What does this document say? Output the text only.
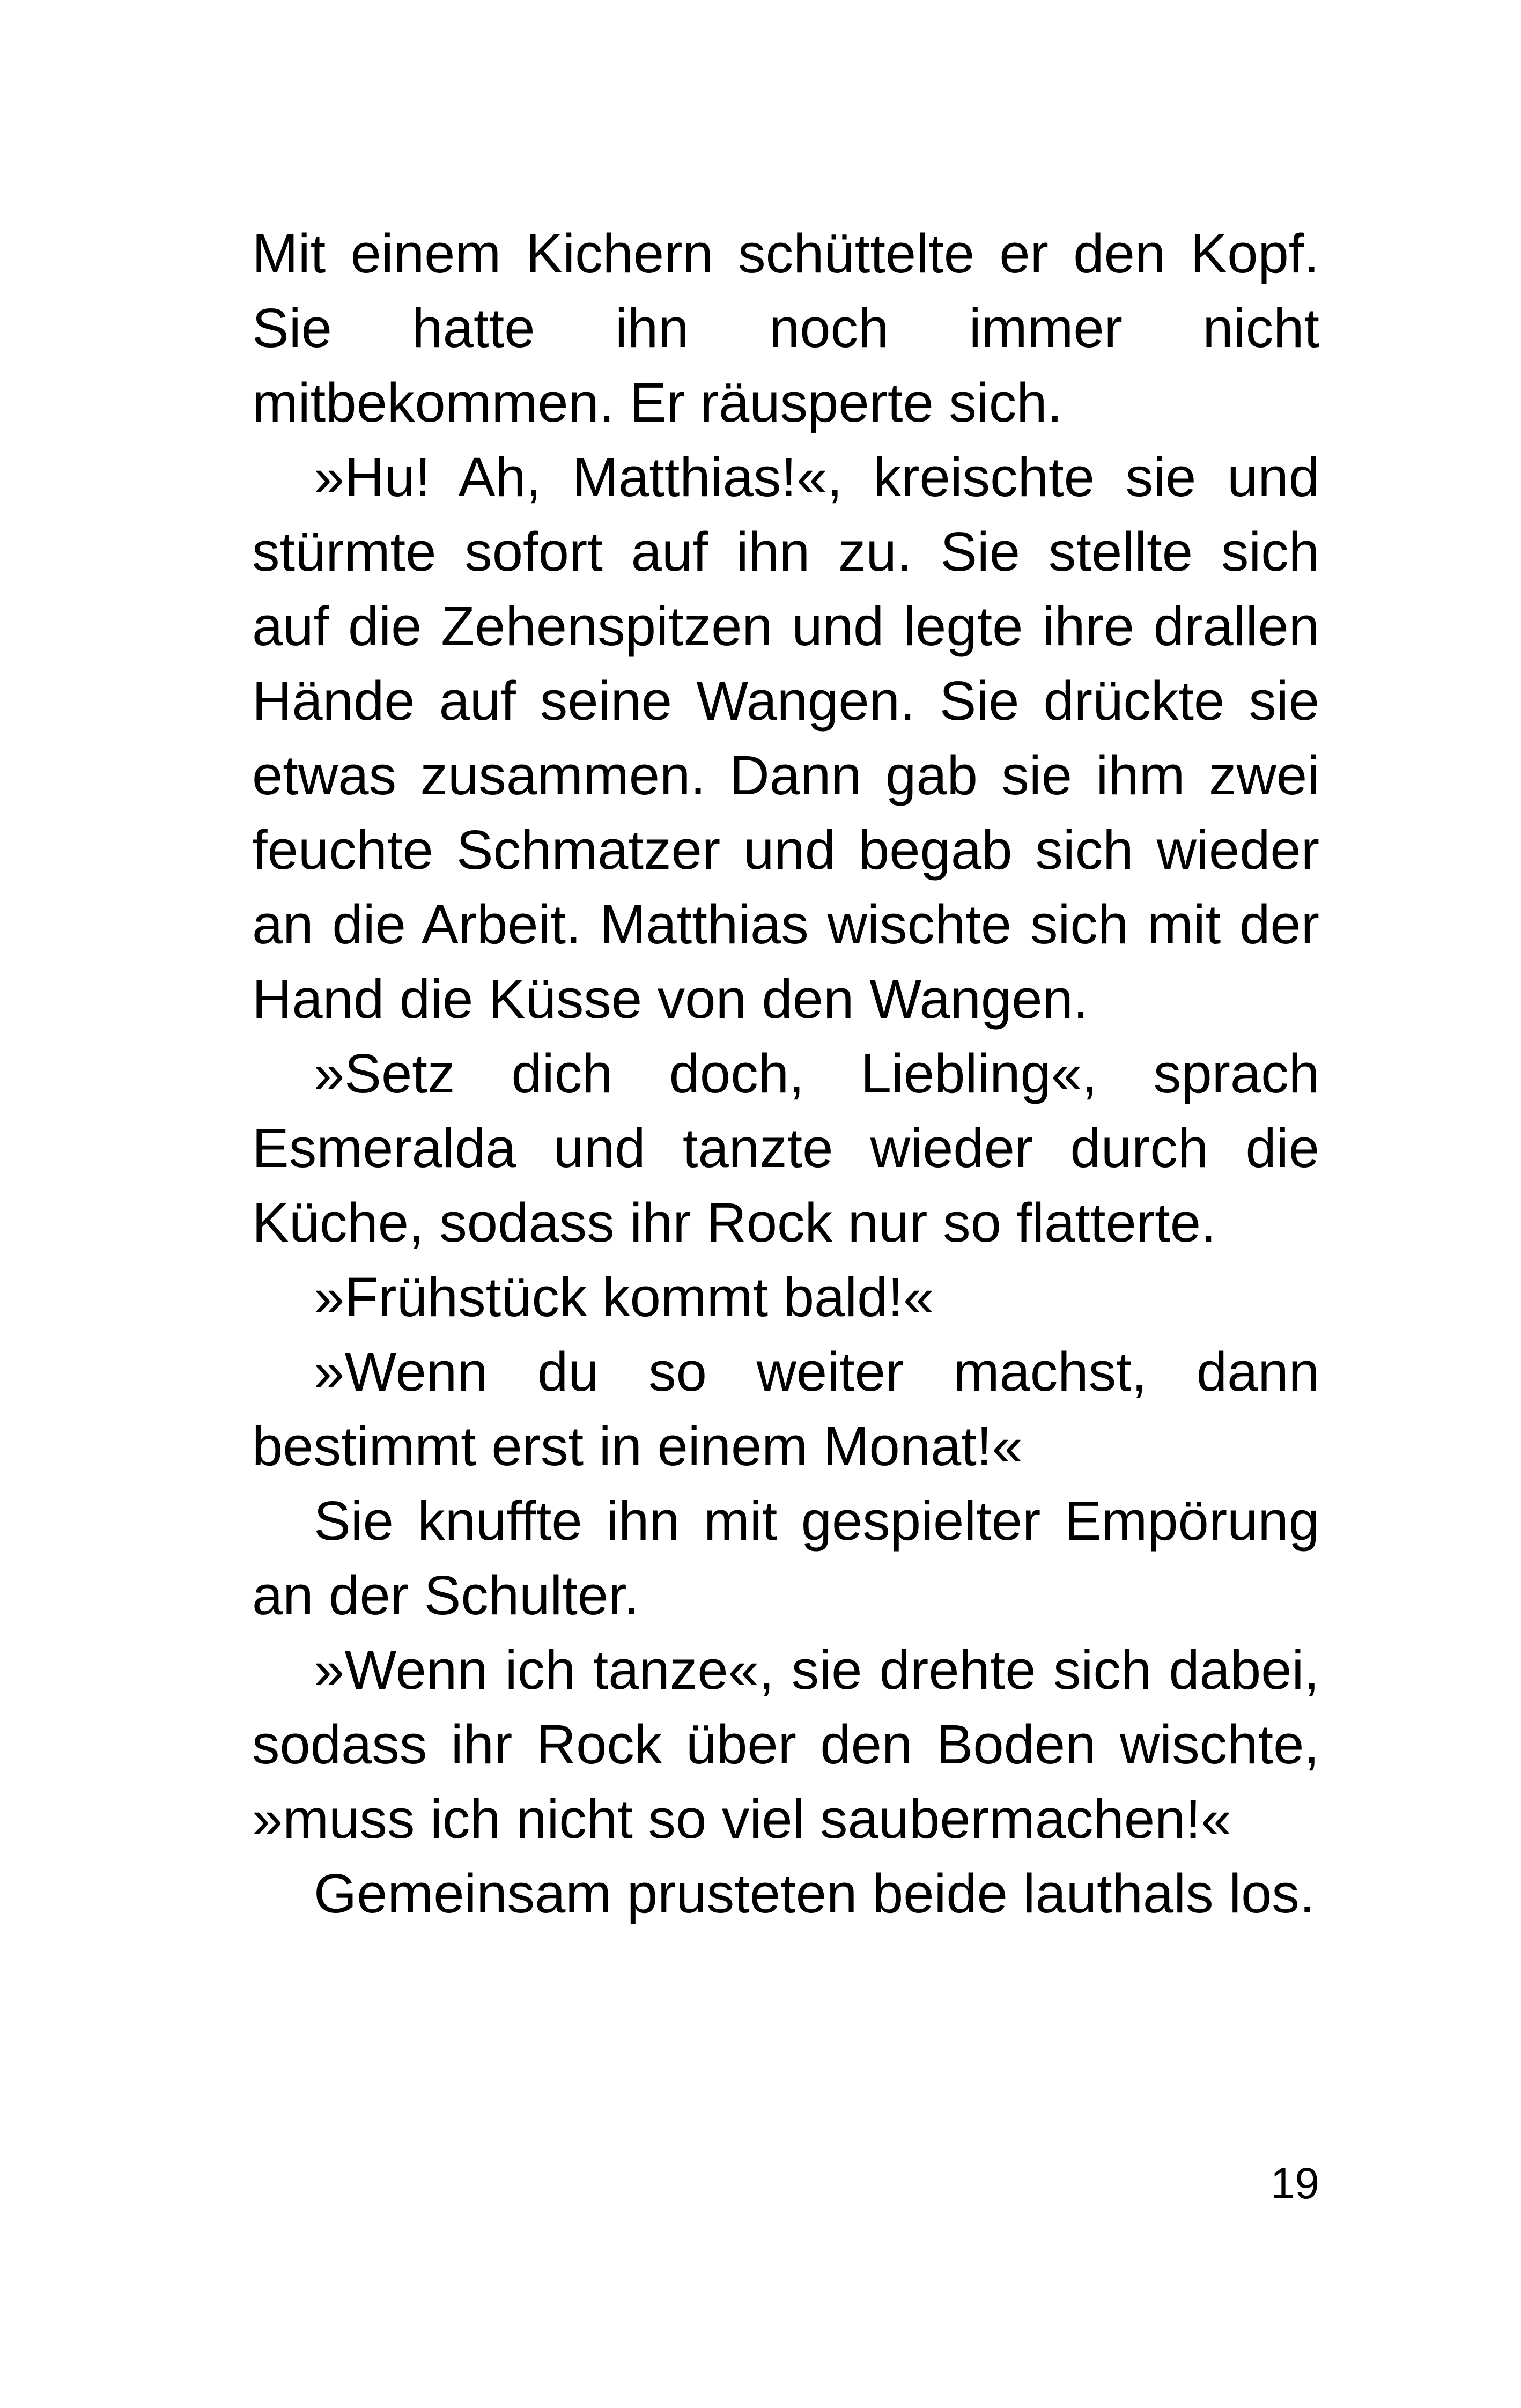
Mit einem Kichern schüttelte er den Kopf. Sie hatte ihn noch immer nicht mitbekommen. Er räusperte sich.

»Hu! Ah, Matthias!«, kreischte sie und stürmte sofort auf ihn zu. Sie stellte sich auf die Zehenspitzen und legte ihre drallen Hände auf seine Wangen. Sie drückte sie etwas zusammen. Dann gab sie ihm zwei feuchte Schmatzer und begab sich wieder an die Arbeit. Matthias wischte sich mit der Hand die Küsse von den Wangen.

»Setz dich doch, Liebling«, sprach Esmeralda und tanzte wieder durch die Küche, sodass ihr Rock nur so flatterte.

»Frühstück kommt bald!«

»Wenn du so weiter machst, dann bestimmt erst in einem Monat!«

Sie knuffte ihn mit gespielter Empörung an der Schulter.

»Wenn ich tanze«, sie drehte sich dabei, sodass ihr Rock über den Boden wischte, »muss ich nicht so viel saubermachen!«

Gemeinsam prusteten beide lauthals los.

19
